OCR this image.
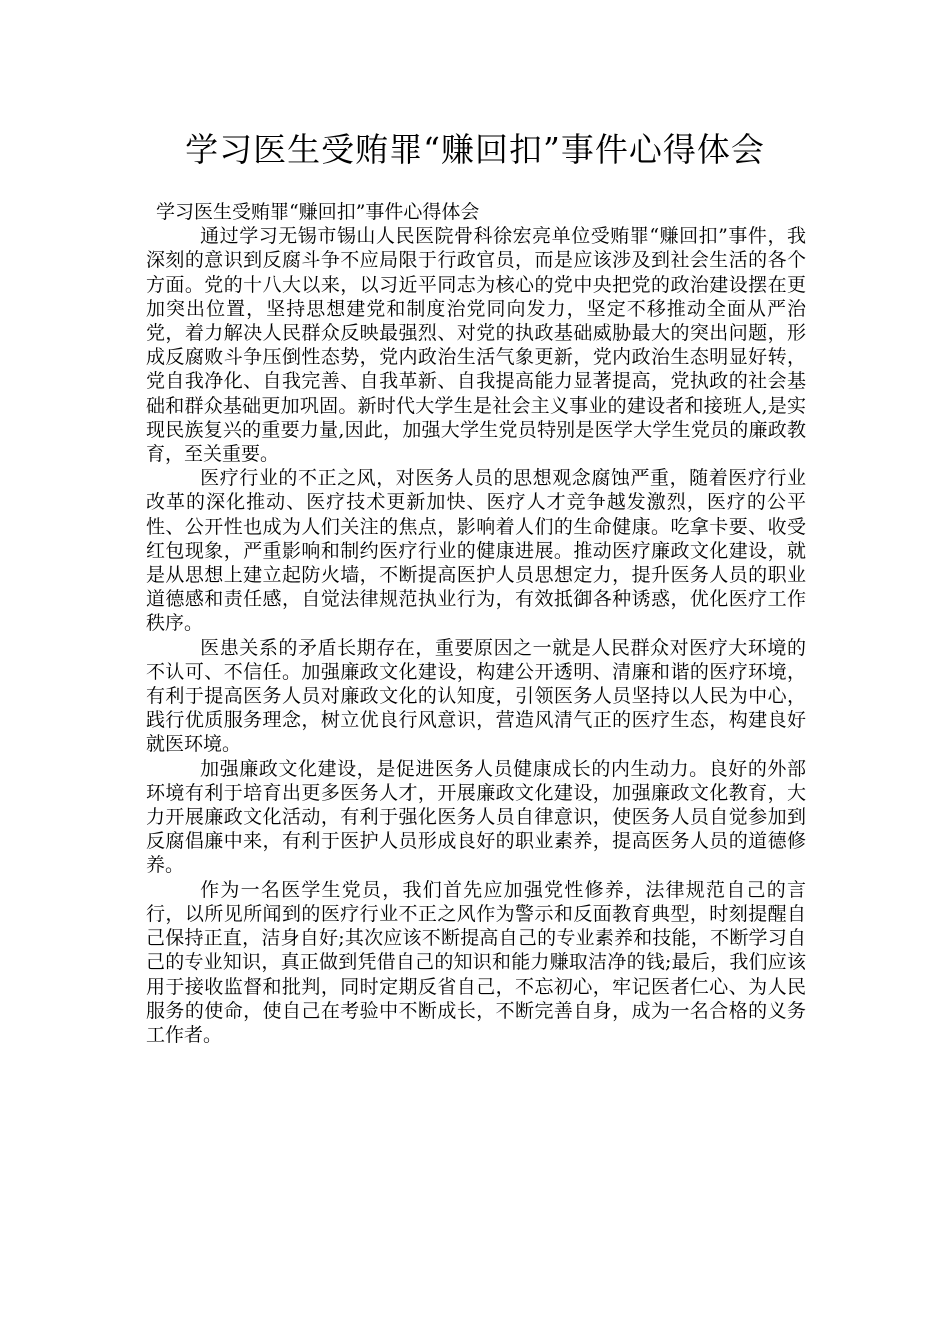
学习医生受贿罪“赚回扣”事件心得体会

学习医生受贿罪“赚回扣”事件心得体会

通过学习无锡市锡山人民医院骨科徐宏亮单位受贿罪“赚回扣”事件，我深刻的意识到反腐斗争不应局限于行政官员，而是应该涉及到社会生活的各个方面。党的十八大以来，以习近平同志为核心的党中央把党的政治建设摆在更加突出位置，坚持思想建党和制度治党同向发力，坚定不移推动全面从严治党，着力解决人民群众反映最强烈、对党的执政基础威胁最大的突出问题，形成反腐败斗争压倒性态势，党内政治生活气象更新，党内政治生态明显好转，党自我净化、自我完善、自我革新、自我提高能力显著提高，党执政的社会基础和群众基础更加巩固。新时代大学生是社会主义事业的建设者和接班人,是实现民族复兴的重要力量,因此，加强大学生党员特别是医学大学生党员的廉政教育，至关重要。

医疗行业的不正之风，对医务人员的思想观念腐蚀严重，随着医疗行业改革的深化推动、医疗技术更新加快、医疗人才竞争越发激烈，医疗的公平性、公开性也成为人们关注的焦点，影响着人们的生命健康。吃拿卡要、收受红包现象，严重影响和制约医疗行业的健康进展。推动医疗廉政文化建设，就是从思想上建立起防火墙，不断提高医护人员思想定力，提升医务人员的职业道德感和责任感，自觉法律规范执业行为，有效抵御各种诱惑，优化医疗工作秩序。

医患关系的矛盾长期存在，重要原因之一就是人民群众对医疗大环境的不认可、不信任。加强廉政文化建设，构建公开透明、清廉和谐的医疗环境，有利于提高医务人员对廉政文化的认知度，引领医务人员坚持以人民为中心，践行优质服务理念，树立优良行风意识，营造风清气正的医疗生态，构建良好就医环境。

加强廉政文化建设，是促进医务人员健康成长的内生动力。良好的外部环境有利于培育出更多医务人才，开展廉政文化建设，加强廉政文化教育，大力开展廉政文化活动，有利于强化医务人员自律意识，使医务人员自觉参加到反腐倡廉中来，有利于医护人员形成良好的职业素养，提高医务人员的道德修养。

作为一名医学生党员，我们首先应加强党性修养，法律规范自己的言行，以所见所闻到的医疗行业不正之风作为警示和反面教育典型，时刻提醒自己保持正直，洁身自好;其次应该不断提高自己的专业素养和技能，不断学习自己的专业知识，真正做到凭借自己的知识和能力赚取洁净的钱;最后，我们应该用于接收监督和批判，同时定期反省自己，不忘初心，牢记医者仁心、为人民服务的使命，使自己在考验中不断成长，不断完善自身，成为一名合格的义务工作者。
